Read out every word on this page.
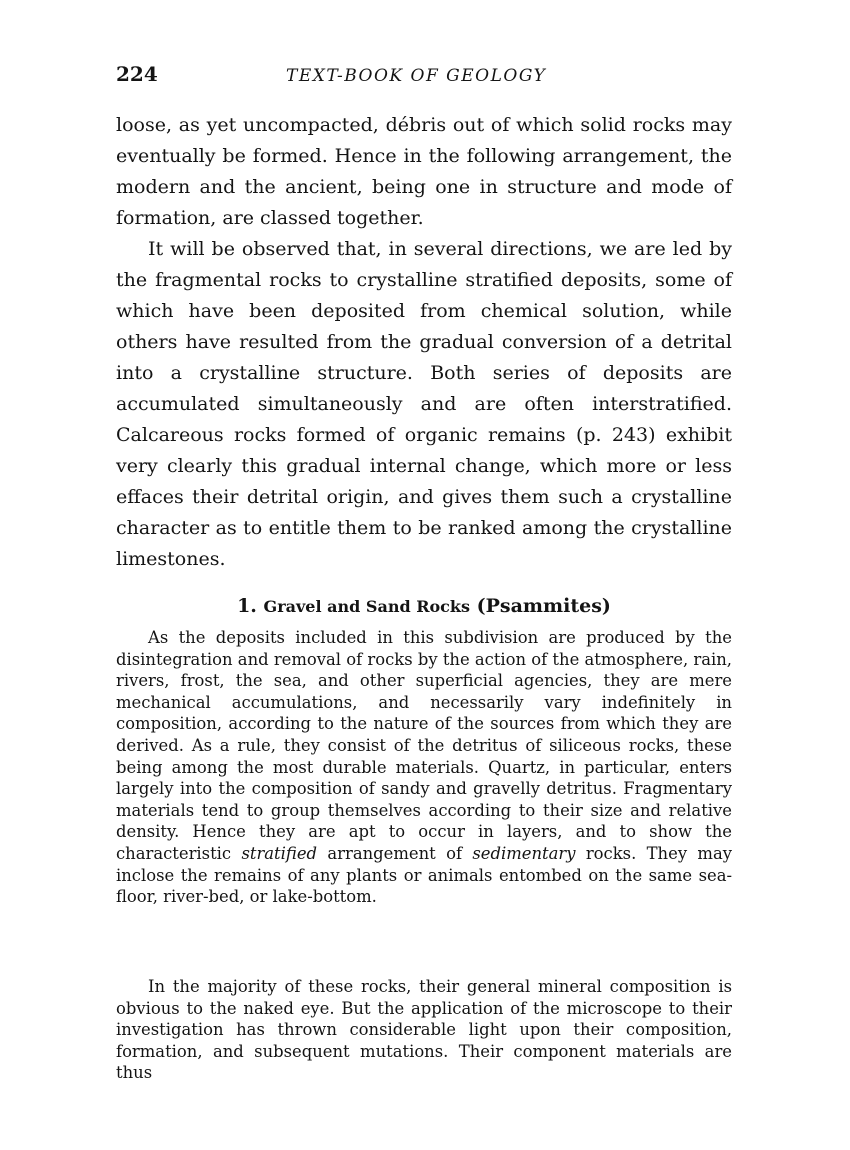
224	TEXT-BOOK OF GEOLOGY

loose, as yet uncompacted, débris out of which solid rocks may eventually be formed. Hence in the following arrangement, the modern and the ancient, being one in structure and mode of formation, are classed together.

It will be observed that, in several directions, we are led by the fragmental rocks to crystalline stratified deposits, some of which have been deposited from chemical solution, while others have resulted from the gradual conversion of a detrital into a crystalline structure. Both series of deposits are accumulated simultaneously and are often interstratified. Calcareous rocks formed of organic remains (p. 243) exhibit very clearly this gradual internal change, which more or less effaces their detrital origin, and gives them such a crystalline character as to entitle them to be ranked among the crystalline limestones.

1. Gravel and Sand Rocks (Psammites)

As the deposits included in this subdivision are produced by the disintegration and removal of rocks by the action of the atmosphere, rain, rivers, frost, the sea, and other superficial agencies, they are mere mechanical accumulations, and necessarily vary indefinitely in composition, according to the nature of the sources from which they are derived. As a rule, they consist of the detritus of siliceous rocks, these being among the most durable materials. Quartz, in particular, enters largely into the composition of sandy and gravelly detritus. Fragmentary materials tend to group themselves according to their size and relative density. Hence they are apt to occur in layers, and to show the characteristic stratified arrangement of sedimentary rocks. They may inclose the remains of any plants or animals entombed on the same sea-floor, river-bed, or lake-bottom.

In the majority of these rocks, their general mineral composition is obvious to the naked eye. But the application of the microscope to their investigation has thrown considerable light upon their composition, formation, and subsequent mutations. Their component materials are thus
